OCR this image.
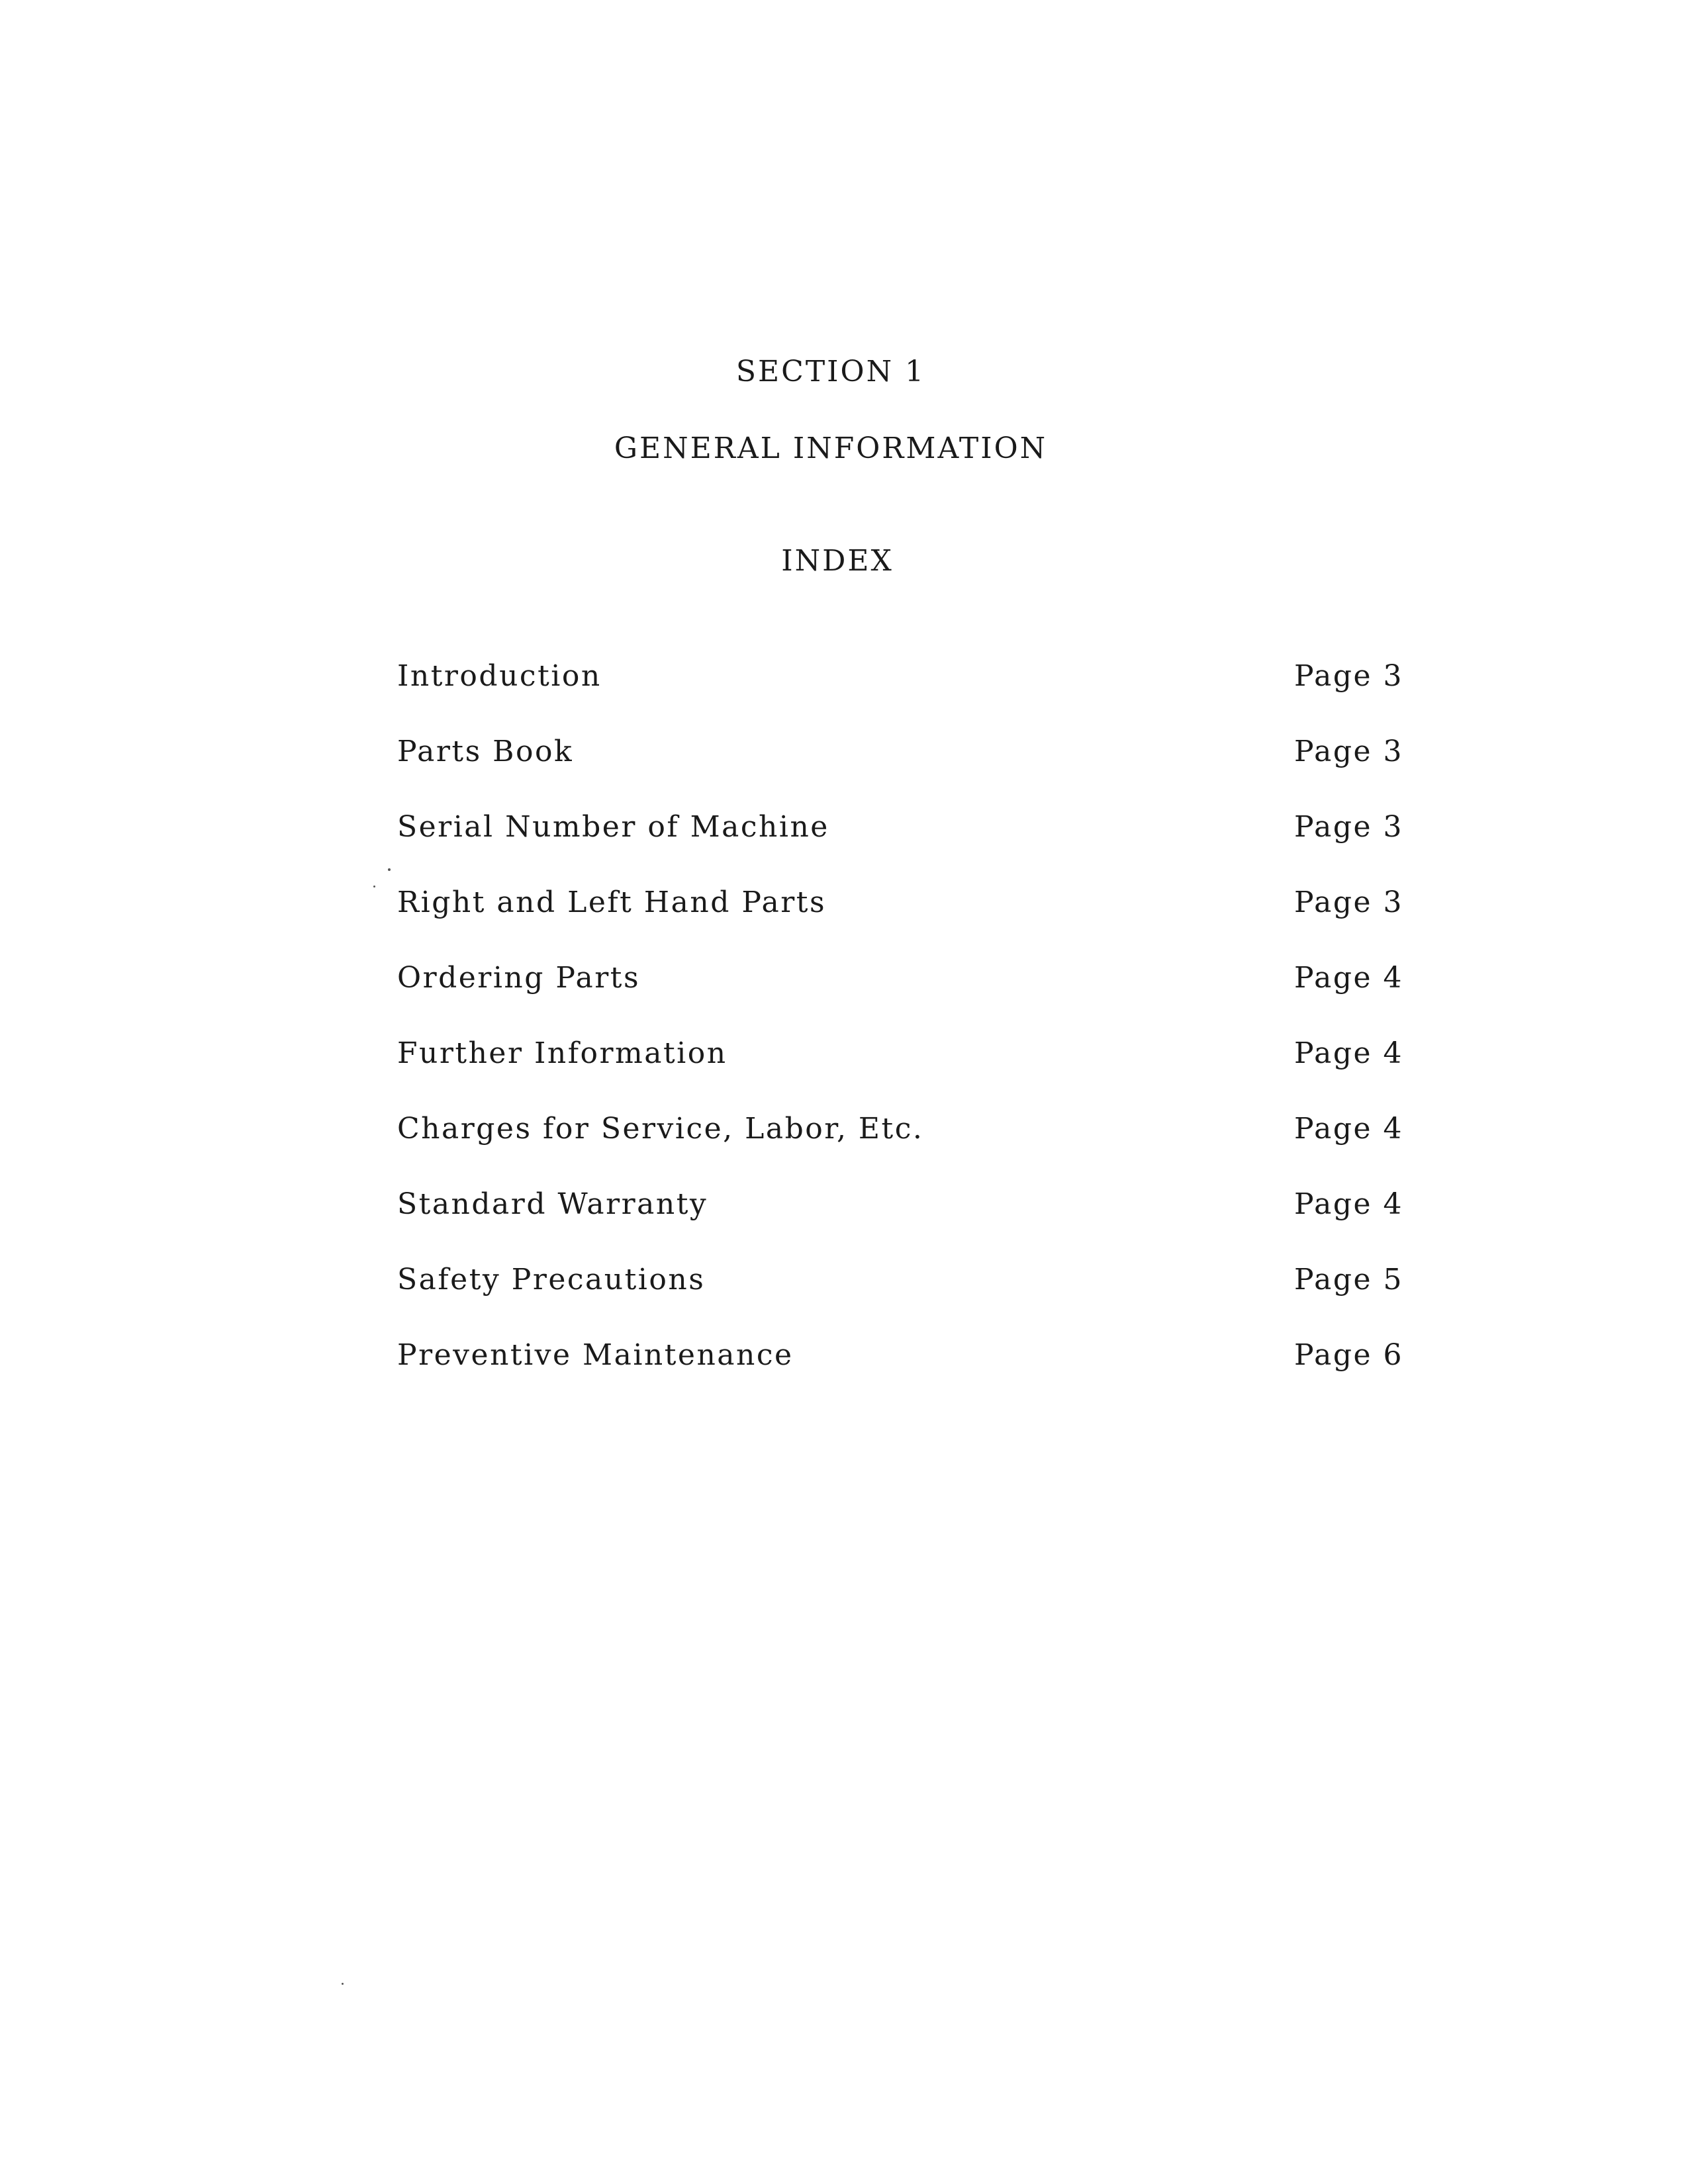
SECTION 1
GENERAL INFORMATION
INDEX
Introduction	Page 3
Parts Book	Page 3
Serial Number of Machine	Page 3
Right and Left Hand Parts	Page 3
Ordering Parts	Page 4
Further Information	Page 4
Charges for Service, Labor, Etc.	Page 4
Standard Warranty	Page 4
Safety Precautions	Page 5
Preventive Maintenance	Page 6
